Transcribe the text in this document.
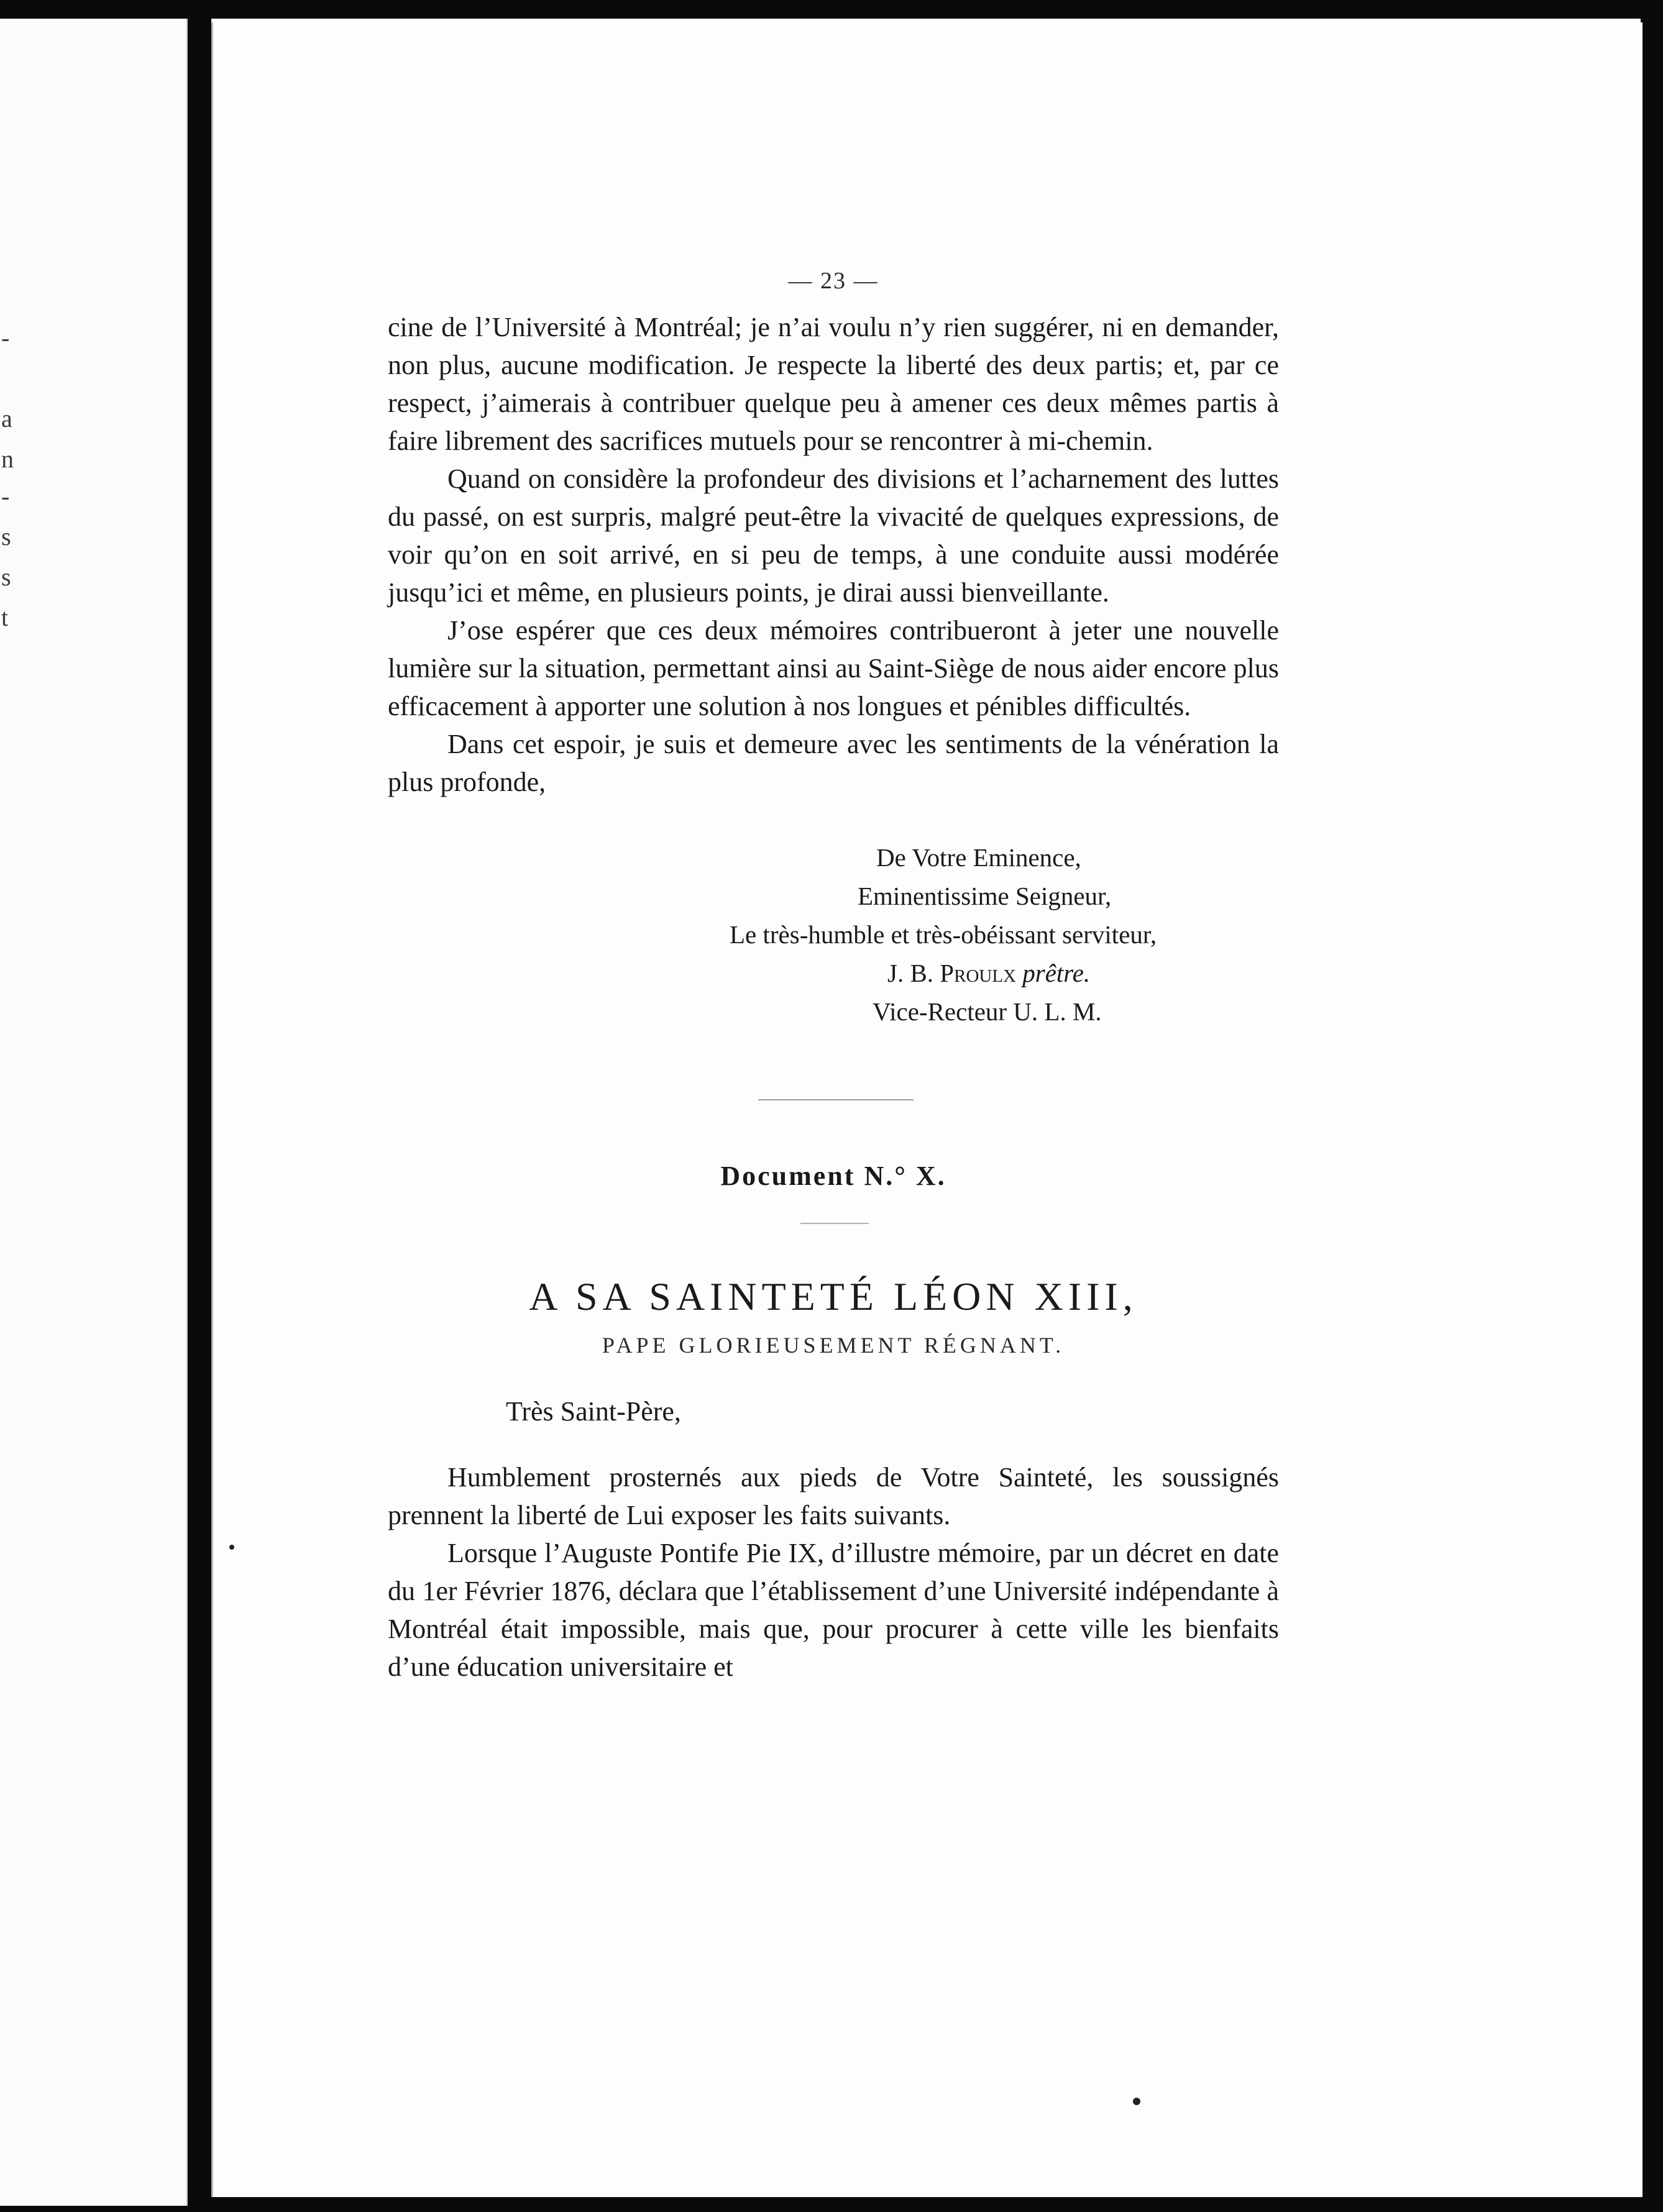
-
a
n
-
s
s
t
— 23 —

cine de l’Université à Montréal; je n’ai voulu n’y rien suggérer, ni en demander, non plus, aucune modification. Je respecte la liberté des deux partis; et, par ce respect, j’aimerais à contribuer quelque peu à amener ces deux mêmes partis à faire librement des sacrifices mutuels pour se rencontrer à mi-chemin.

Quand on considère la profondeur des divisions et l’acharnement des luttes du passé, on est surpris, malgré peut-être la vivacité de quelques expressions, de voir qu’on en soit arrivé, en si peu de temps, à une conduite aussi modérée jusqu’ici et même, en plusieurs points, je dirai aussi bienveillante.

J’ose espérer que ces deux mémoires contribueront à jeter une nouvelle lumière sur la situation, permettant ainsi au Saint-Siège de nous aider encore plus efficacement à apporter une solution à nos longues et pénibles difficultés.

Dans cet espoir, je suis et demeure avec les sentiments de la vénération la plus profonde,

De Votre Eminence,
Eminentissime Seigneur,
Le très-humble et très-obéissant serviteur,
J. B. Proulx prêtre.
Vice-Recteur U. L. M.
Document N.° X.
A SA SAINTETÉ LÉON XIII,
PAPE GLORIEUSEMENT RÉGNANT.
Très Saint-Père,

Humblement prosternés aux pieds de Votre Sainteté, les soussignés prennent la liberté de Lui exposer les faits suivants.

Lorsque l’Auguste Pontife Pie IX, d’illustre mémoire, par un décret en date du 1er Février 1876, déclara que l’établissement d’une Université indépendante à Montréal était impossible, mais que, pour procurer à cette ville les bienfaits d’une éducation universitaire et
